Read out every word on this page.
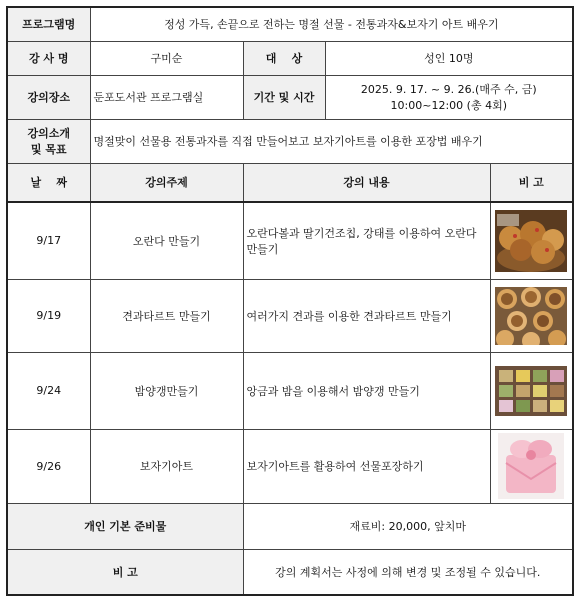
프로그램명	정성 가득, 손끝으로 전하는 명절 선물 - 전통과자&보자기 아트 배우기			
강 사 명	구미순	대    상	성인 10명	
강의장소	둔포도서관 프로그램실	기간 및 시간	2025. 9. 17. ~ 9. 26.(매주 수, 금)
10:00~12:00 (총 4회)	

강의소개
및 목표	명절맞이 선물용 전통과자를 직접 만들어보고 보자기아트를 이용한 포장법 배우기			
날    짜	강의주제	강의 내용		비 고
9/17	오란다 만들기	오란다볼과 딸기건조칩, 강태를 이용하여 오란다 만들기	

9/19	견과타르트 만들기	여러가지 견과를 이용한 견과타르트 만들기	

9/24	밤양갱만들기	앙금과 밤을 이용해서 밤양갱 만들기	

9/26	보자기아트	보자기아트를 활용하여 선물포장하기	

개인 기본 준비물		재료비: 20,000, 앞치마		
비 고		강의 계획서는 사정에 의해 변경 및 조정될 수 있습니다.		
